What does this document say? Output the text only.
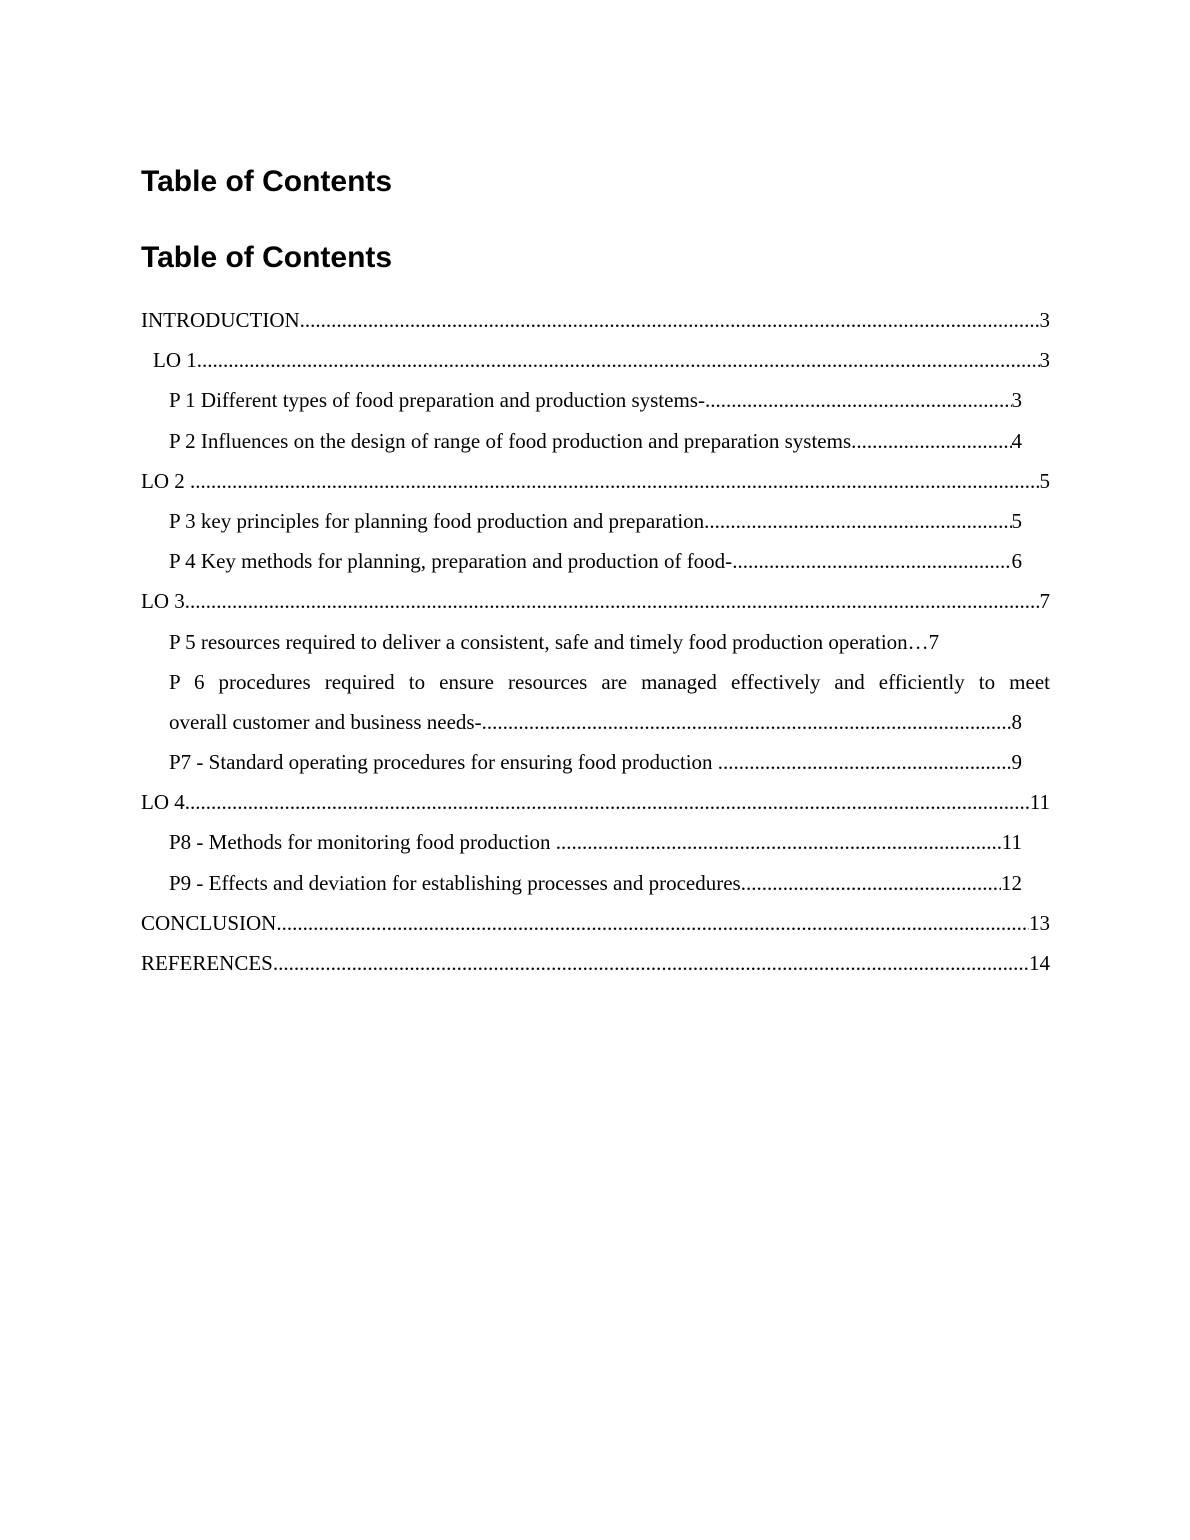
Table of Contents
Table of Contents
INTRODUCTION .....	3
LO 1 .....	3
P 1 Different types of food preparation and production systems- .....	3
P 2 Influences on the design of range of food production and preparation systems .....	4
LO 2 .....	5
P 3 key principles for planning food production and preparation .....	5
P 4 Key methods for planning, preparation and production of food- .....	6
LO 3 .....	7
P 5 resources required to deliver a consistent, safe and timely food production operation … 7
P 6 procedures required to ensure resources are managed effectively and efficiently to meet
overall customer and business needs- .....	8
P7 - Standard operating procedures for ensuring food production .....	9
LO 4 .....	11
P8 - Methods for monitoring food production .....	11
P9 - Effects and deviation for establishing processes and procedures .....	12
CONCLUSION .....	13
REFERENCES .....	14
